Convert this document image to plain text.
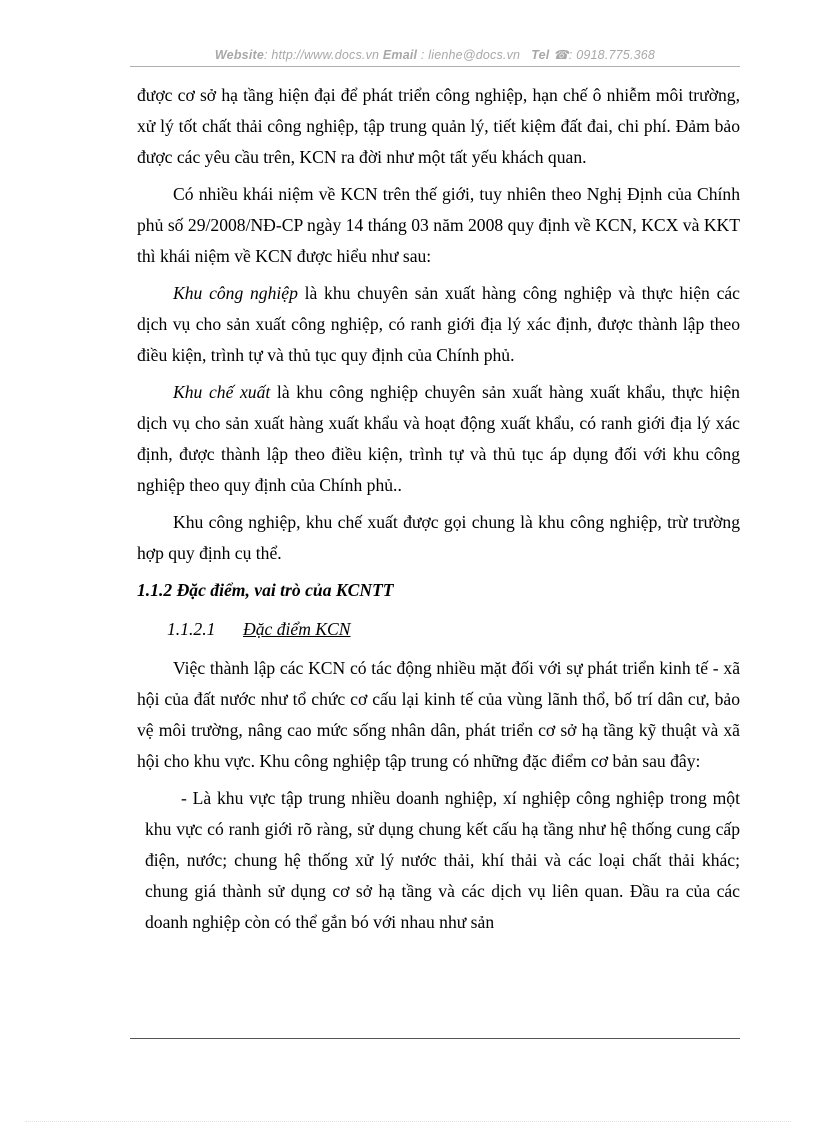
Website: http://www.docs.vn Email : lienhe@docs.vn Tel ☎: 0918.775.368

được cơ sở hạ tầng hiện đại để phát triển công nghiệp, hạn chế ô nhiễm môi trường, xử lý tốt chất thải công nghiệp, tập trung quản lý, tiết kiệm đất đai, chi phí. Đảm bảo được các yêu cầu trên, KCN ra đời như một tất yếu khách quan.

Có nhiều khái niệm về KCN trên thế giới, tuy nhiên theo Nghị Định của Chính phủ số 29/2008/NĐ-CP ngày 14 tháng 03 năm 2008 quy định về KCN, KCX và KKT thì khái niệm về KCN được hiểu như sau:

Khu công nghiệp là khu chuyên sản xuất hàng công nghiệp và thực hiện các dịch vụ cho sản xuất công nghiệp, có ranh giới địa lý xác định, được thành lập theo điều kiện, trình tự và thủ tục quy định của Chính phủ.

Khu chế xuất là khu công nghiệp chuyên sản xuất hàng xuất khẩu, thực hiện dịch vụ cho sản xuất hàng xuất khẩu và hoạt động xuất khẩu, có ranh giới địa lý xác định, được thành lập theo điều kiện, trình tự và thủ tục áp dụng đối với khu công nghiệp theo quy định của Chính phủ..

Khu công nghiệp, khu chế xuất được gọi chung là khu công nghiệp, trừ trường hợp quy định cụ thể.

1.1.2 Đặc điểm, vai trò của KCNTT
1.1.2.1 Đặc điểm KCN

Việc thành lập các KCN có tác động nhiều mặt đối với sự phát triển kinh tế - xã hội của đất nước như tổ chức cơ cấu lại kinh tế của vùng lãnh thổ, bố trí dân cư, bảo vệ môi trường, nâng cao mức sống nhân dân, phát triển cơ sở hạ tầng kỹ thuật và xã hội cho khu vực. Khu công nghiệp tập trung có những đặc điểm cơ bản sau đây:

- Là khu vực tập trung nhiều doanh nghiệp, xí nghiệp công nghiệp trong một khu vực có ranh giới rõ ràng, sử dụng chung kết cấu hạ tầng như hệ thống cung cấp điện, nước; chung hệ thống xử lý nước thải, khí thải và các loại chất thải khác; chung giá thành sử dụng cơ sở hạ tầng và các dịch vụ liên quan. Đầu ra của các doanh nghiệp còn có thể gắn bó với nhau như sản
